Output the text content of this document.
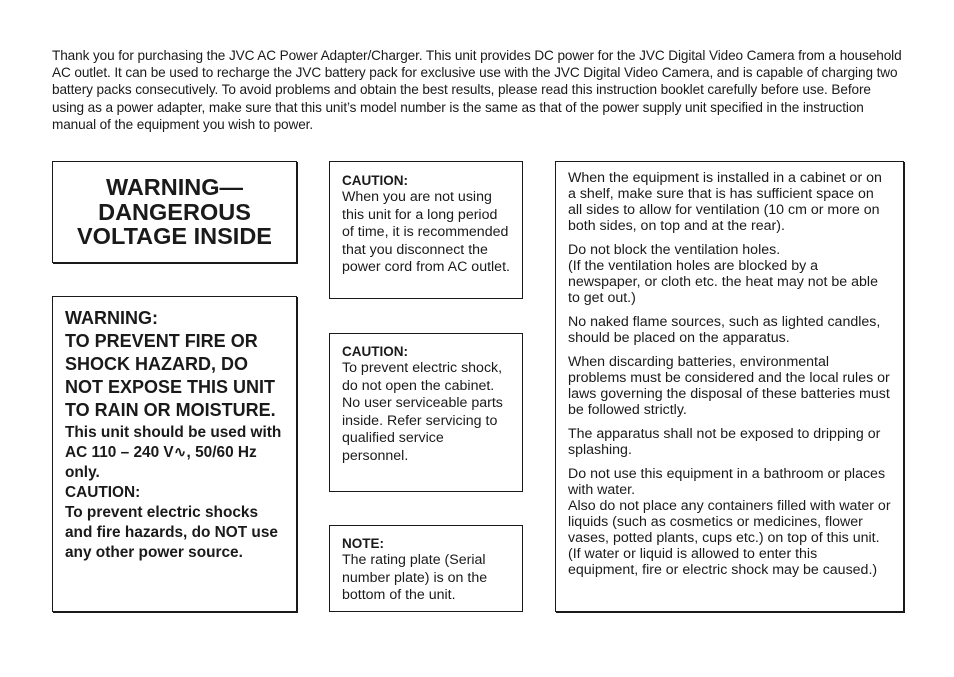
Thank you for purchasing the JVC AC Power Adapter/Charger. This unit provides DC power for the JVC Digital Video Camera from a household AC outlet. It can be used to recharge the JVC battery pack for exclusive use with the JVC Digital Video Camera, and is capable of charging two battery packs consecutively. To avoid problems and obtain the best results, please read this instruction booklet carefully before use. Before using as a power adapter, make sure that this unit’s model number is the same as that of the power supply unit specified in the instruction manual of the equipment you wish to power.
WARNING—
DANGEROUS
VOLTAGE INSIDE
WARNING:
TO PREVENT FIRE OR SHOCK HAZARD, DO NOT EXPOSE THIS UNIT TO RAIN OR MOISTURE.
This unit should be used with AC 110 – 240 V∿, 50/60 Hz only.
CAUTION:
To prevent electric shocks and fire hazards, do NOT use any other power source.
CAUTION:
When you are not using this unit for a long period of time, it is recommended that you disconnect the power cord from AC outlet.
CAUTION:
To prevent electric shock, do not open the cabinet. No user serviceable parts inside. Refer servicing to qualified service personnel.
NOTE:
The rating plate (Serial number plate) is on the bottom of the unit.

When the equipment is installed in a cabinet or on a shelf, make sure that is has sufficient space on all sides to allow for ventilation (10 cm or more on both sides, on top and at the rear).

Do not block the ventilation holes.
(If the ventilation holes are blocked by a newspaper, or cloth etc. the heat may not be able to get out.)

No naked flame sources, such as lighted candles, should be placed on the apparatus.

When discarding batteries, environmental problems must be considered and the local rules or laws governing the disposal of these batteries must be followed strictly.

The apparatus shall not be exposed to dripping or splashing.

Do not use this equipment in a bathroom or places with water.
Also do not place any containers filled with water or liquids (such as cosmetics or medicines, flower vases, potted plants, cups etc.) on top of this unit.
(If water or liquid is allowed to enter this equipment, fire or electric shock may be caused.)
